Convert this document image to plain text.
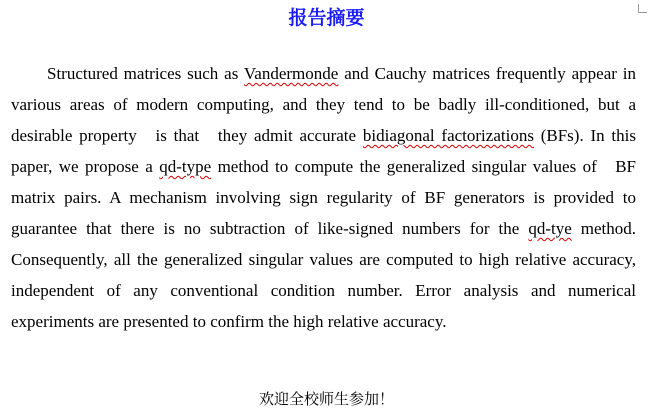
报告摘要

Structured matrices such as Vandermonde and Cauchy matrices frequently appear in various areas of modern computing, and they tend to be badly ill-conditioned, but a desirable property is that they admit accurate bidiagonal factorizations (BFs). In this paper, we propose a qd-type method to compute the generalized singular values of BF matrix pairs. A mechanism involving sign regularity of BF generators is provided to guarantee that there is no subtraction of like-signed numbers for the qd-tye method. Consequently, all the generalized singular values are computed to high relative accuracy, independent of any conventional condition number. Error analysis and numerical experiments are presented to confirm the high relative accuracy.

欢迎全校师生参加！
